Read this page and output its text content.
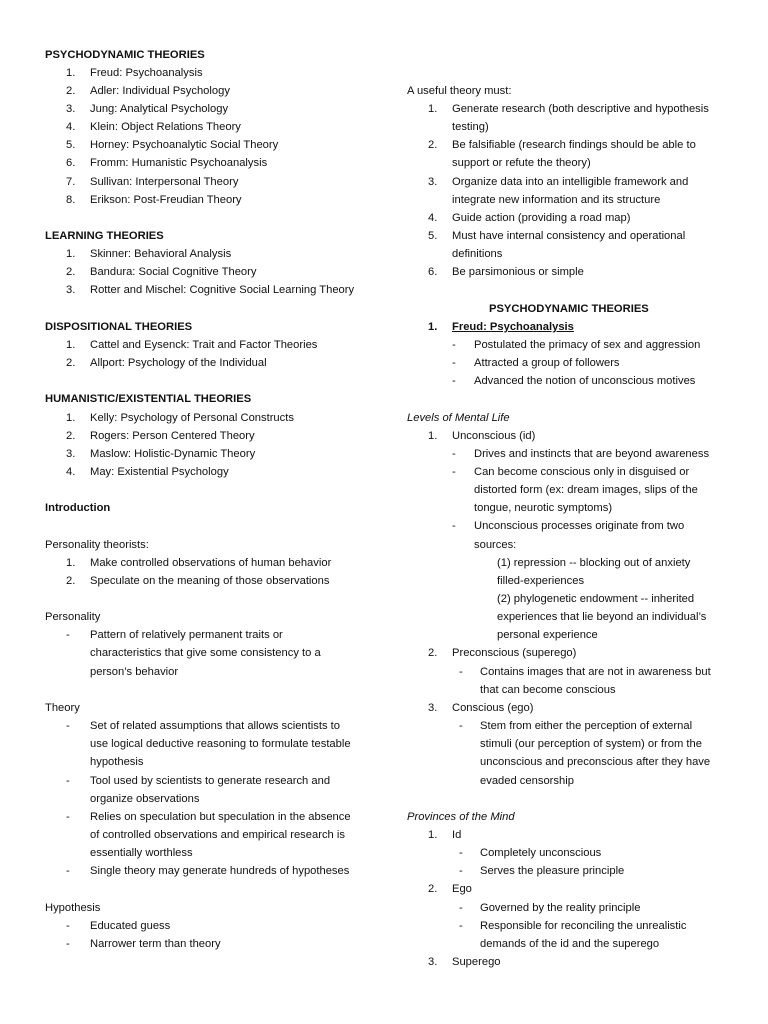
PSYCHODYNAMIC THEORIES
1. Freud: Psychoanalysis
2. Adler: Individual Psychology
3. Jung: Analytical Psychology
4. Klein: Object Relations Theory
5. Horney: Psychoanalytic Social Theory
6. Fromm: Humanistic Psychoanalysis
7. Sullivan: Interpersonal Theory
8. Erikson: Post-Freudian Theory
LEARNING THEORIES
1. Skinner: Behavioral Analysis
2. Bandura: Social Cognitive Theory
3. Rotter and Mischel: Cognitive Social Learning Theory
DISPOSITIONAL THEORIES
1. Cattel and Eysenck: Trait and Factor Theories
2. Allport: Psychology of the Individual
HUMANISTIC/EXISTENTIAL THEORIES
1. Kelly: Psychology of Personal Constructs
2. Rogers: Person Centered Theory
3. Maslow: Holistic-Dynamic Theory
4. May: Existential Psychology
Introduction
Personality theorists:
1. Make controlled observations of human behavior
2. Speculate on the meaning of those observations
Personality
- Pattern of relatively permanent traits or
characteristics that give some consistency to a
person’s behavior
Theory
- Set of related assumptions that allows scientists to
use logical deductive reasoning to formulate testable
hypothesis
- Tool used by scientists to generate research and
organize observations
- Relies on speculation but speculation in the absence
of controlled observations and empirical research is
essentially worthless
- Single theory may generate hundreds of hypotheses
Hypothesis
- Educated guess
- Narrower term than theory
A useful theory must:
1. Generate research (both descriptive and hypothesis
testing)
2. Be falsifiable (research findings should be able to
support or refute the theory)
3. Organize data into an intelligible framework and
integrate new information and its structure
4. Guide action (providing a road map)
5. Must have internal consistency and operational
definitions
6. Be parsimonious or simple
PSYCHODYNAMIC THEORIES
1. Freud: Psychoanalysis
- Postulated the primacy of sex and aggression
- Attracted a group of followers
- Advanced the notion of unconscious motives
Levels of Mental Life
1. Unconscious (id)
- Drives and instincts that are beyond awareness
- Can become conscious only in disguised or
distorted form (ex: dream images, slips of the
tongue, neurotic symptoms)
- Unconscious processes originate from two
sources:
(1) repression -- blocking out of anxiety
filled-experiences
(2) phylogenetic endowment -- inherited
experiences that lie beyond an individual’s
personal experience
2. Preconscious (superego)
- Contains images that are not in awareness but
that can become conscious
3. Conscious (ego)
- Stem from either the perception of external
stimuli (our perception of system) or from the
unconscious and preconscious after they have
evaded censorship
Provinces of the Mind
1. Id
- Completely unconscious
- Serves the pleasure principle
2. Ego
- Governed by the reality principle
- Responsible for reconciling the unrealistic
demands of the id and the superego
3. Superego
